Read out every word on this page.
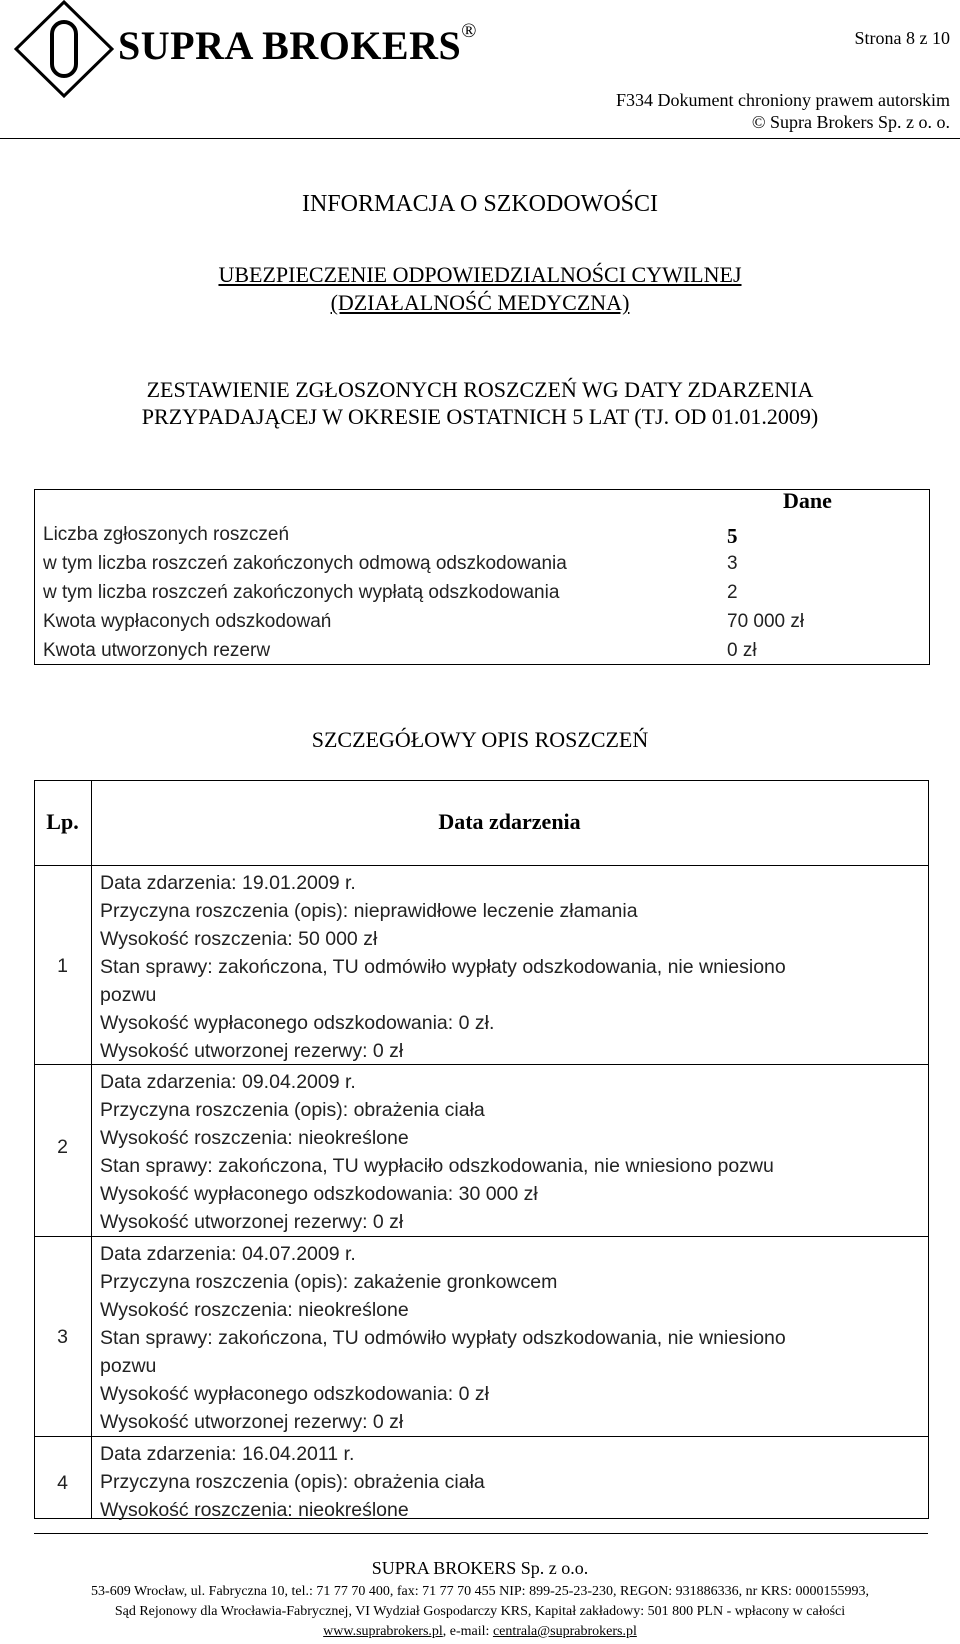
SUPRA BROKERS®	Strona 8 z 10
F334 Dokument chroniony prawem autorskim
© Supra Brokers Sp. z o. o.
INFORMACJA O SZKODOWOŚCI
UBEZPIECZENIE ODPOWIEDZIALNOŚCI CYWILNEJ
(DZIAŁALNOŚĆ MEDYCZNA)
ZESTAWIENIE ZGŁOSZONYCH ROSZCZEŃ WG DATY ZDARZENIA
PRZYPADAJĄCEJ W OKRESIE OSTATNICH 5 LAT (TJ. OD 01.01.2009)
Dane
Liczba zgłoszonych roszczeń	5
w tym liczba roszczeń zakończonych odmową odszkodowania	3
w tym liczba roszczeń zakończonych wypłatą odszkodowania	2
Kwota wypłaconych odszkodowań	70 000 zł
Kwota utworzonych rezerw	0 zł
SZCZEGÓŁOWY OPIS ROSZCZEŃ
Lp.	Data zdarzenia
1
Data zdarzenia: 19.01.2009 r.
Przyczyna roszczenia (opis): nieprawidłowe leczenie złamania
Wysokość roszczenia: 50 000 zł
Stan sprawy: zakończona, TU odmówiło wypłaty odszkodowania, nie wniesiono
pozwu
Wysokość wypłaconego odszkodowania: 0 zł.
Wysokość utworzonej rezerwy: 0 zł
2
Data zdarzenia: 09.04.2009 r.
Przyczyna roszczenia (opis): obrażenia ciała
Wysokość roszczenia: nieokreślone
Stan sprawy: zakończona, TU wypłaciło odszkodowania, nie wniesiono pozwu
Wysokość wypłaconego odszkodowania: 30 000 zł
Wysokość utworzonej rezerwy: 0 zł
3
Data zdarzenia: 04.07.2009 r.
Przyczyna roszczenia (opis): zakażenie gronkowcem
Wysokość roszczenia: nieokreślone
Stan sprawy: zakończona, TU odmówiło wypłaty odszkodowania, nie wniesiono
pozwu
Wysokość wypłaconego odszkodowania: 0 zł
Wysokość utworzonej rezerwy: 0 zł
4
Data zdarzenia: 16.04.2011 r.
Przyczyna roszczenia (opis): obrażenia ciała
Wysokość roszczenia: nieokreślone
SUPRA BROKERS Sp. z o.o.
53-609 Wrocław, ul. Fabryczna 10, tel.: 71 77 70 400, fax: 71 77 70 455 NIP: 899-25-23-230, REGON: 931886336, nr KRS: 0000155993,
Sąd Rejonowy dla Wrocławia-Fabrycznej, VI Wydział Gospodarczy KRS, Kapitał zakładowy: 501 800 PLN - wpłacony w całości
www.suprabrokers.pl, e-mail: centrala@suprabrokers.pl
